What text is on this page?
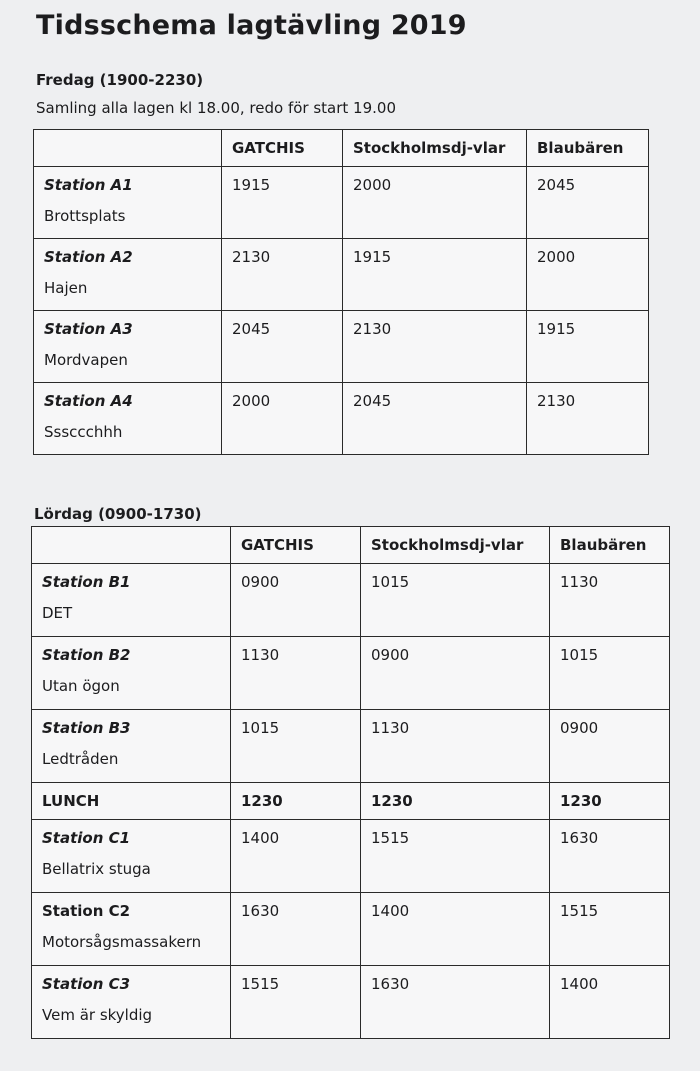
Tidsschema lagtävling 2019

Fredag (1900-2230)

Samling alla lagen kl 18.00, redo för start 19.00

	GATCHIS	Stockholmsdj-vlar	Blaubären

Station A1
Brottsplats	1915	2000	2045

Station A2
Hajen	2130	1915	2000

Station A3
Mordvapen	2045	2130	1915

Station A4
Sssccchhh	2000	2045	2130

Lördag (0900-1730)

	GATCHIS	Stockholmsdj-vlar	Blaubären

Station B1
DET	0900	1015	1130

Station B2
Utan ögon	1130	0900	1015

Station B3
Ledtråden	1015	1130	0900

LUNCH	1230	1230	1230

Station C1
Bellatrix stuga	1400	1515	1630

Station C2
Motorsågsmassakern	1630	1400	1515

Station C3
Vem är skyldig	1515	1630	1400
